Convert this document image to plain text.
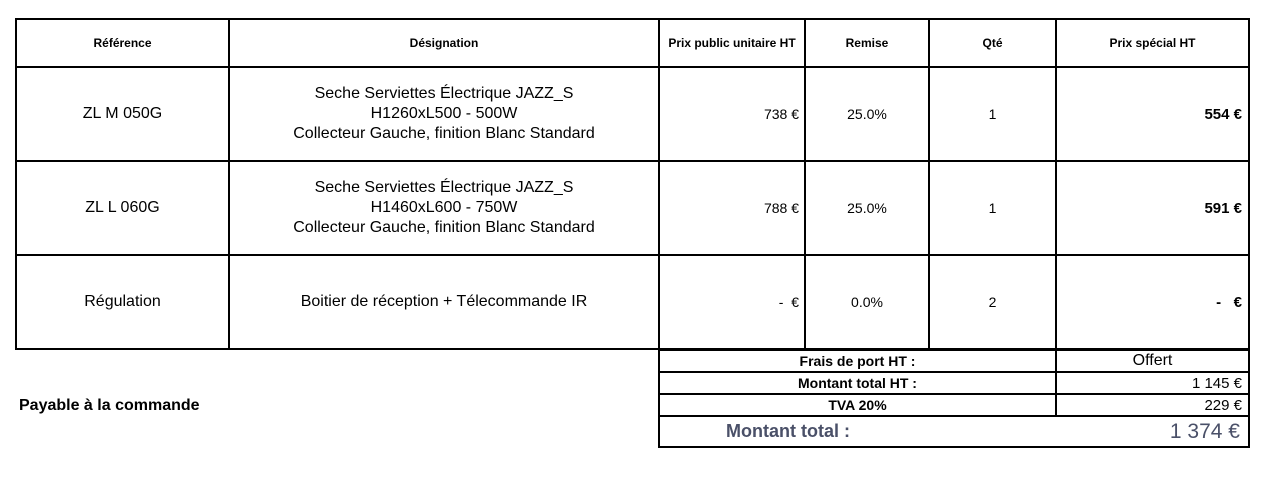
Référence	Désignation	Prix public unitaire HT	Remise	Qté	Prix spécial HT
ZL M 050G	Seche Serviettes Électrique JAZZ_S
H1260xL500 - 500W
Collecteur Gauche, finition Blanc Standard	738 €	25.0%	1	554 €
ZL L 060G	Seche Serviettes Électrique JAZZ_S
H1460xL600 - 750W
Collecteur Gauche, finition Blanc Standard	788 €	25.0%	1	591 €
Régulation	Boitier de réception + Télecommande IR	-  €	0.0%	2	-   €
Frais de port HT :	Offert
Montant total HT :	1 145 €
TVA 20%	229 €
Montant total :	1 374 €
Payable à la commande
